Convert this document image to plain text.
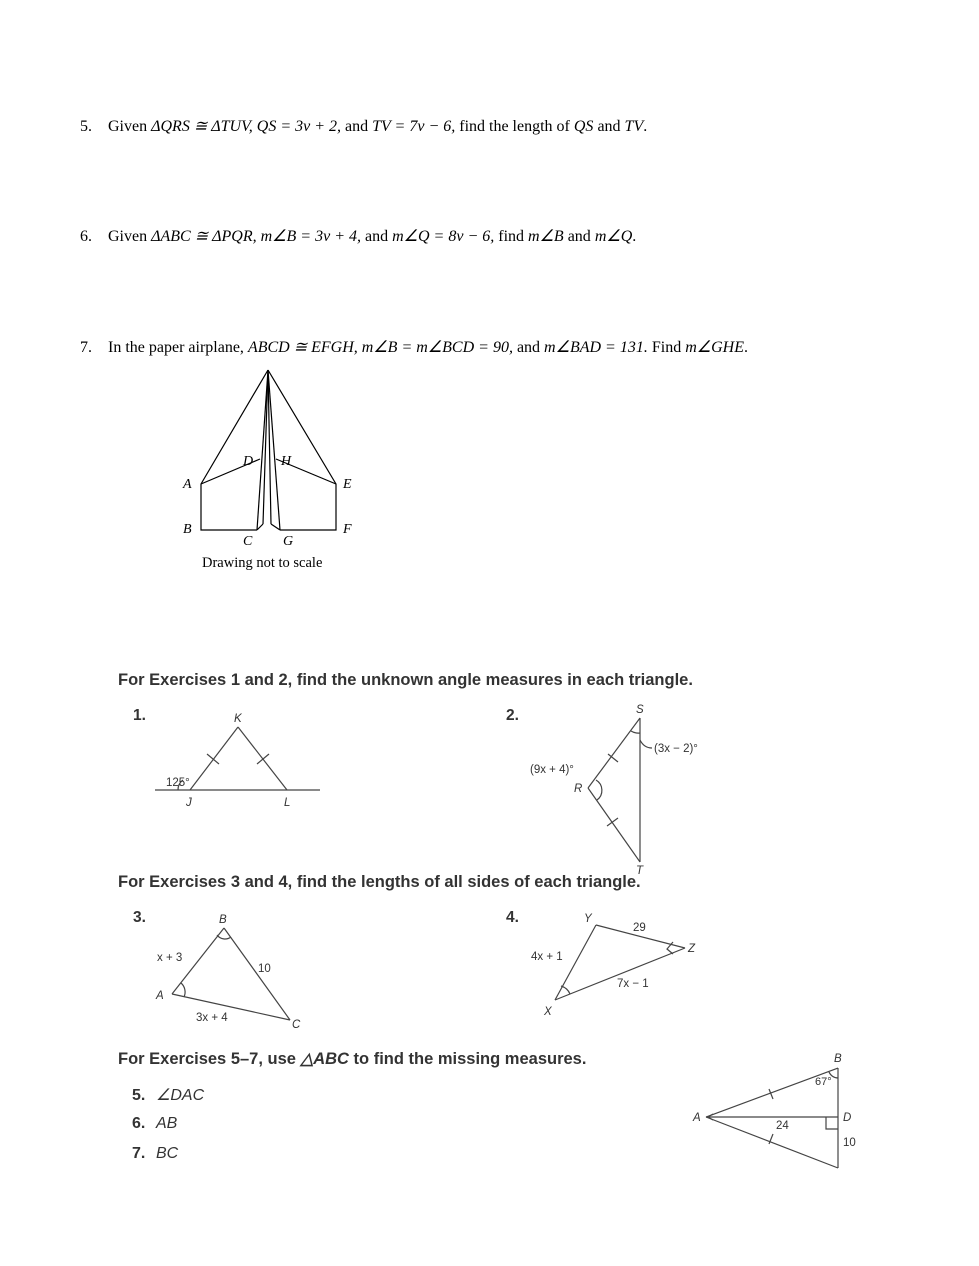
5. Given ΔQRS ≅ ΔTUV, QS = 3v + 2, and TV = 7v − 6, find the length of QS and TV.
6. Given ΔABC ≅ ΔPQR, m∠B = 3v + 4, and m∠Q = 8v − 6, find m∠B and m∠Q.
7. In the paper airplane, ABCD ≅ EFGH, m∠B = m∠BCD = 90, and m∠BAD = 131. Find m∠GHE.
A
B
C
D
E
F
G
H
Drawing not to scale
For Exercises 1 and 2, find the unknown angle measures in each triangle.
1.	2.
K
J	L
125°
S
R
T
(3x − 2)°
(9x + 4)°
B
A
C
x + 3
10
3x + 4
Y
Z
X
4x + 1
29
7x − 1
B
A	D
67°
24
10
For Exercises 3 and 4, find the lengths of all sides of each triangle.
3.	4.
For Exercises 5–7, use △ABC to find the missing measures.
5. ∠DAC
6. AB
7. BC
